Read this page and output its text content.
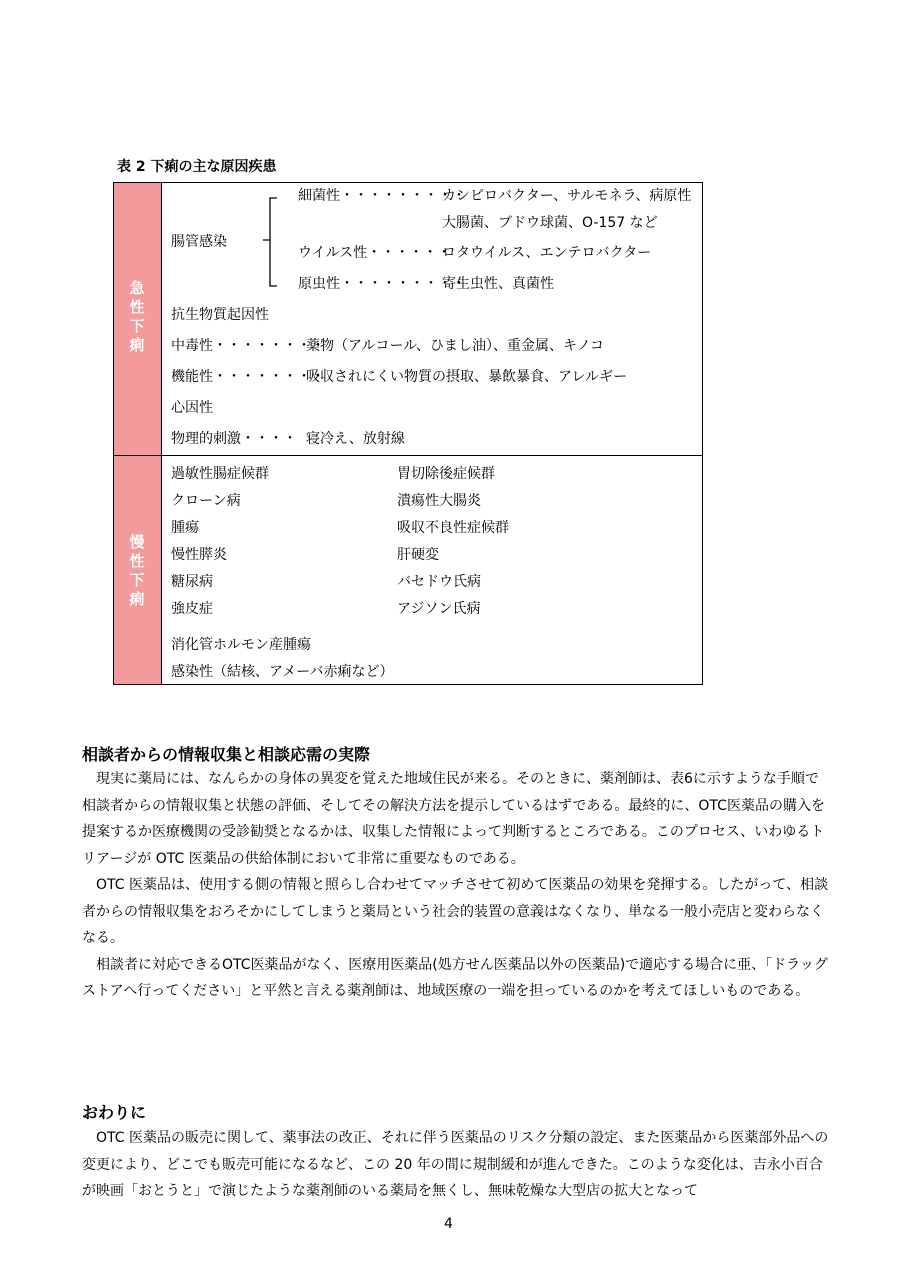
表 2 下痢の主な原因疾患
急
性
下
痢
慢
性
下
痢
腸管感染
細菌性・・・・・・・・・
カンピロバクター、サルモネラ、病原性
大腸菌、ブドウ球菌、O-157 など
ウイルス性・・・・・・
ロタウイルス、エンテロバクター
原虫性・・・・・・・・・
寄生虫性、真菌性
抗生物質起因性
中毒性・・・・・・・・
薬物（アルコール、ひまし油）、重金属、キノコ
機能性・・・・・・・・
吸収されにくい物質の摂取、暴飲暴食、アレルギー
心因性
物理的刺激・・・・ 寝冷え、放射線
過敏性腸症候群
クローン病
腫瘍
慢性膵炎
糖尿病
強皮症
胃切除後症候群
潰瘍性大腸炎
吸収不良性症候群
肝硬変
バセドウ氏病
アジソン氏病
消化管ホルモン産腫瘍
感染性（結核、アメーバ赤痢など）
相談者からの情報収集と相談応需の実際

現実に薬局には、なんらかの身体の異変を覚えた地域住民が来る。そのときに、薬剤師は、表6に示すような手順で相談者からの情報収集と状態の評価、そしてその解決方法を提示しているはずである。最終的に、OTC医薬品の購入を提案するか医療機関の受診勧奨となるかは、収集した情報によって判断するところである。このプロセス、いわゆるトリアージが OTC 医薬品の供給体制において非常に重要なものである。

OTC 医薬品は、使用する側の情報と照らし合わせてマッチさせて初めて医薬品の効果を発揮する。したがって、相談者からの情報収集をおろそかにしてしまうと薬局という社会的装置の意義はなくなり、単なる一般小売店と変わらなくなる。

相談者に対応できるOTC医薬品がなく、医療用医薬品(処方せん医薬品以外の医薬品)で適応する場合に亜、「ドラッグストアへ行ってください」と平然と言える薬剤師は、地域医療の一端を担っているのかを考えてほしいものである。

おわりに

OTC 医薬品の販売に関して、薬事法の改正、それに伴う医薬品のリスク分類の設定、また医薬品から医薬部外品への変更により、どこでも販売可能になるなど、この 20 年の間に規制緩和が進んできた。このような変化は、吉永小百合が映画「おとうと」で演じたような薬剤師のいる薬局を無くし、無味乾燥な大型店の拡大となって

4
